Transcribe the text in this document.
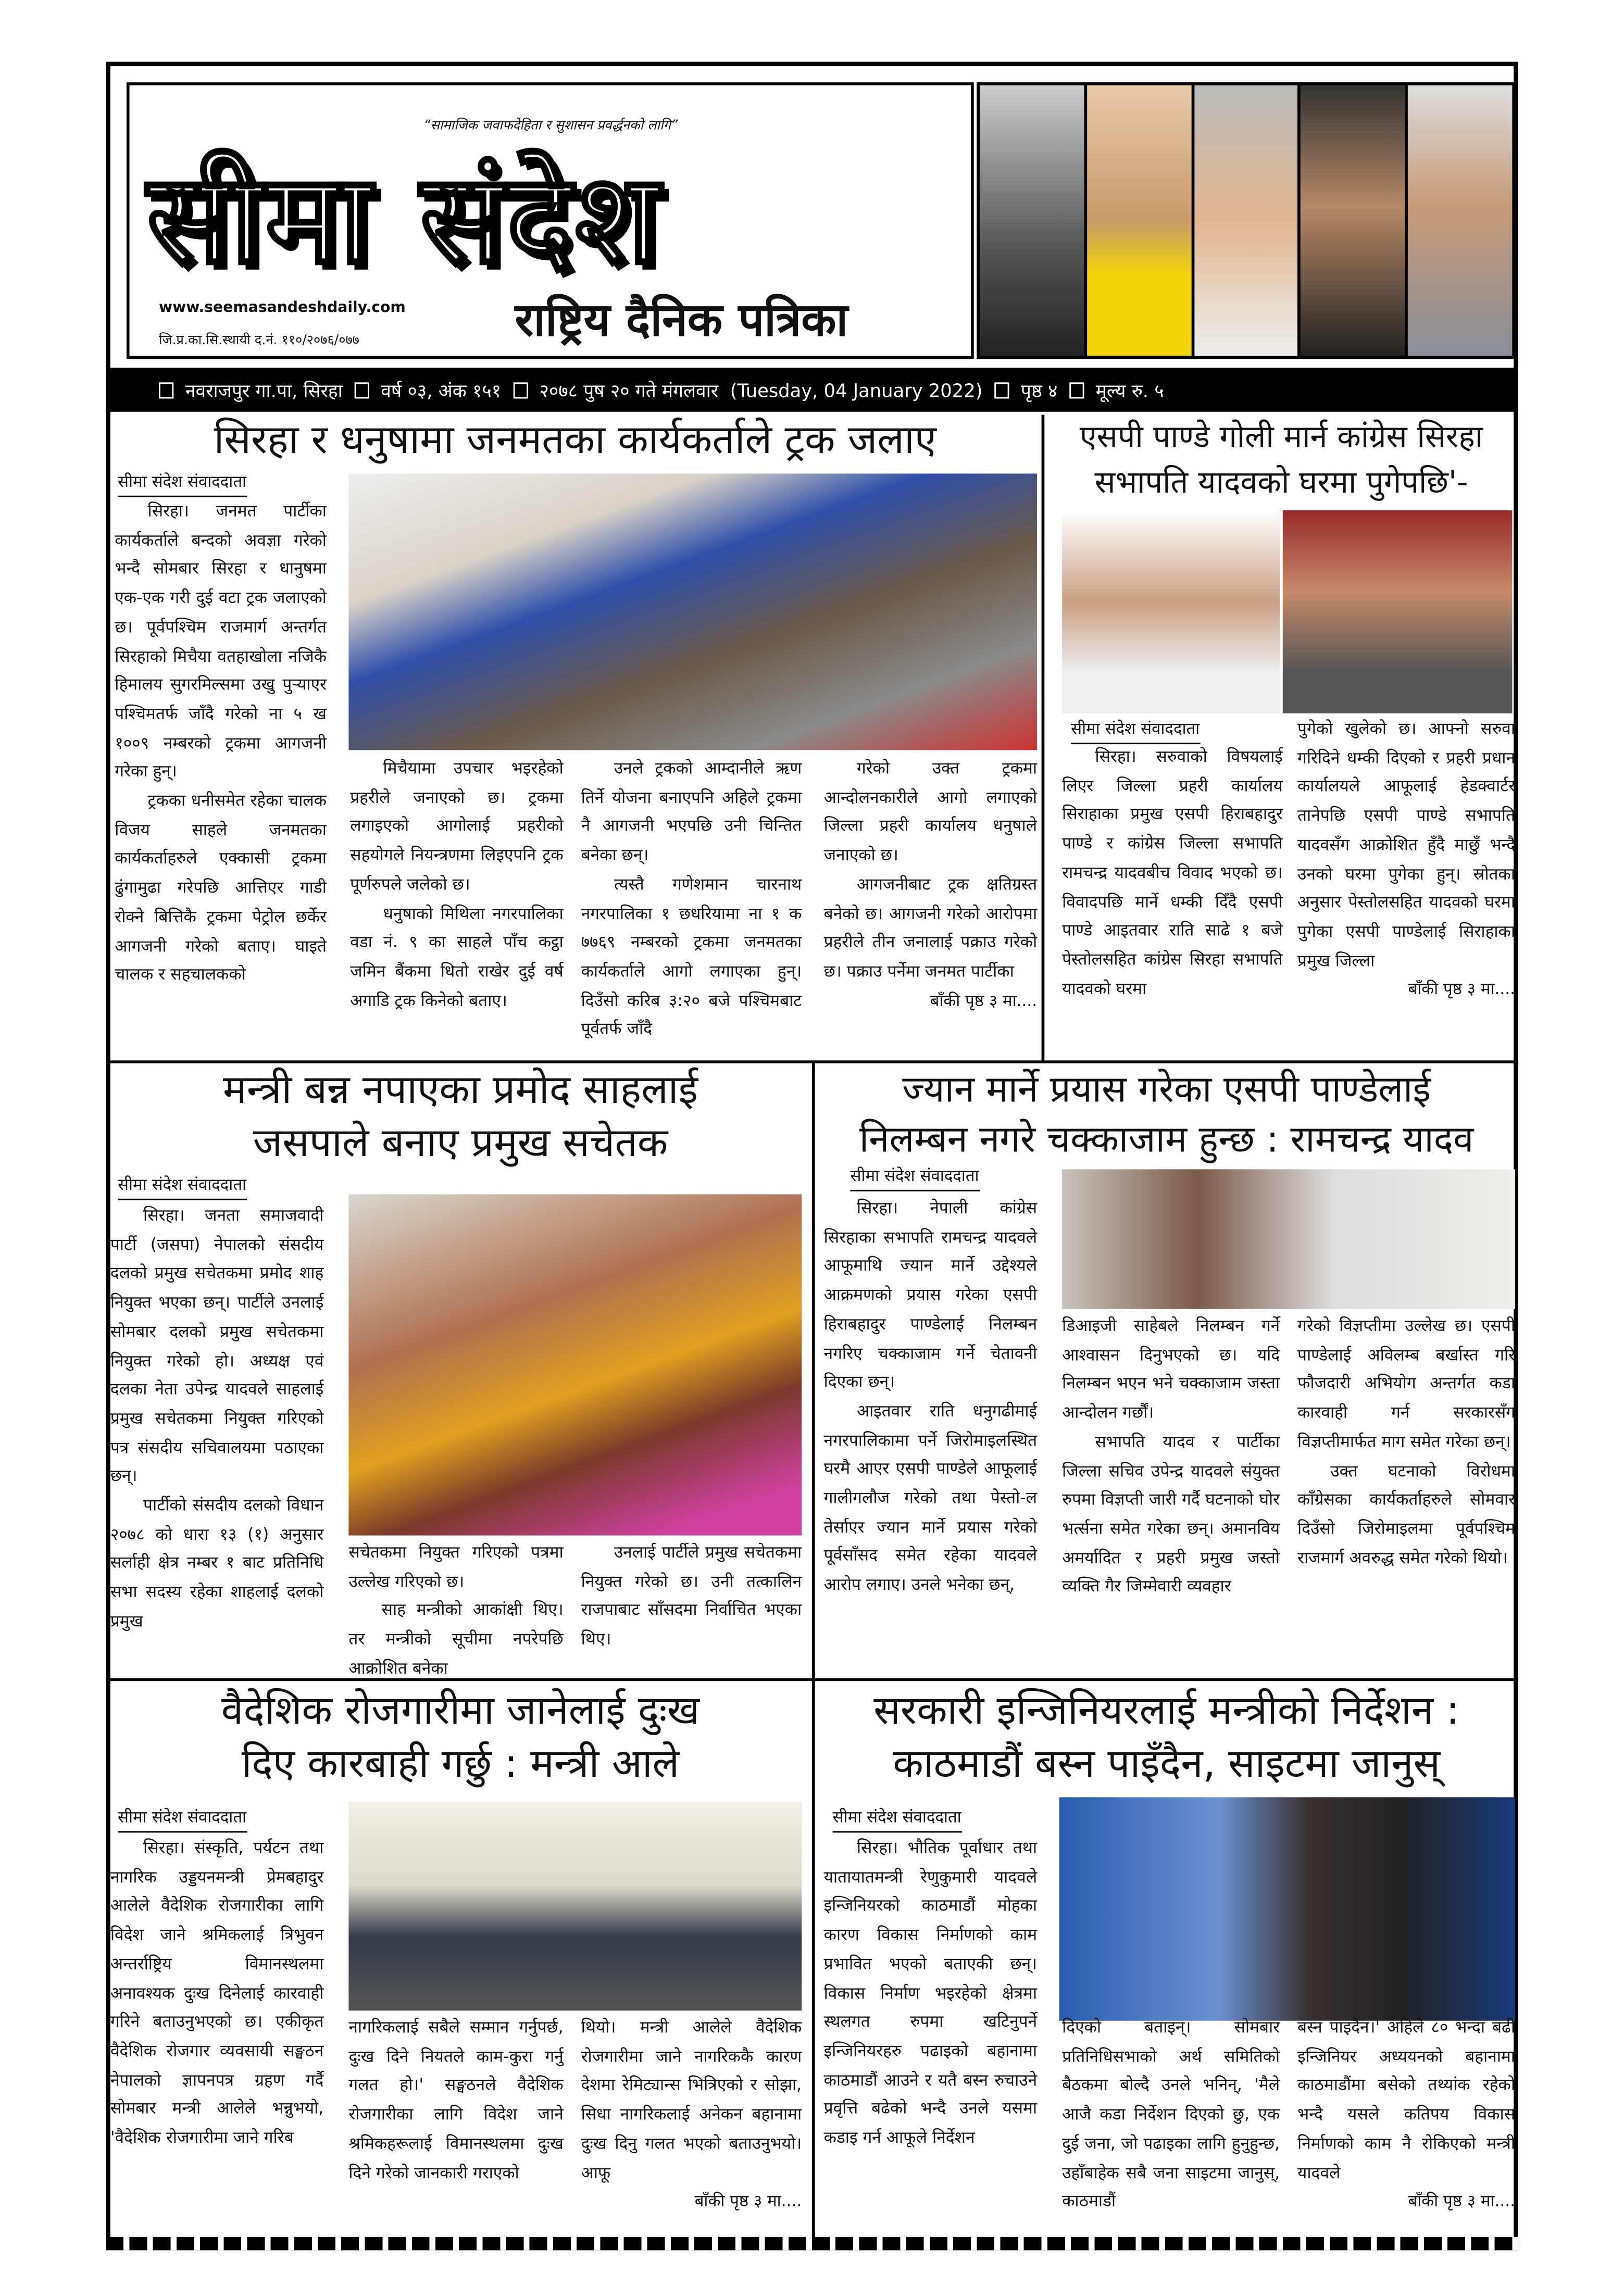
“सामाजिक जवाफदेहिता र सुशासन प्रवर्द्धनको लागि”
सीमा संदेश
www.seemasandeshdaily.com
जि.प्र.का.सि.स्थायी द.नं. ११०/२०७६/०७७	राष्ट्रिय दैनिक पत्रिका
नवराजपुर गा.पा, सिरहा	वर्ष ०३, अंक १५१	२०७८ पुष २० गते मंगलवार (Tuesday, 04 January 2022)	पृष्ठ ४	मूल्य रु. ५
सिरहा र धनुषामा जनमतका कार्यकर्ताले ट्रक जलाए
सीमा संदेश संवाददाता

सिरहा। जनमत पार्टीका कार्यकर्ताले बन्दको अवज्ञा गरेको भन्दै सोमबार सिरहा र धानुषमा एक-एक गरी दुई वटा ट्रक जलाएको छ। पूर्वपश्चिम राजमार्ग अन्तर्गत सिरहाको मिचैया वतहाखोला नजिकै हिमालय सुगरमिल्समा उखु पुऱ्याएर पश्चिमतर्फ जाँदै गरेको ना ५ ख १००९ नम्बरको ट्रकमा आगजनी गरेका हुन्।

ट्रकका धनीसमेत रहेका चालक विजय साहले जनमतका कार्यकर्ताहरुले एक्कासी ट्रकमा ढुंगामुढा गरेपछि आत्तिएर गाडी रोक्ने बित्तिकै ट्रकमा पेट्रोल छर्केर आगजनी गरेको बताए। घाइते चालक र सहचालकको

मिचैयामा उपचार भइरहेको प्रहरीले जनाएको छ। ट्रकमा लगाइएको आगोलाई प्रहरीको सहयोगले नियन्त्रणमा लिइएपनि ट्रक पूर्णरुपले जलेको छ।

धनुषाको मिथिला नगरपालिका वडा नं. ९ का साहले पाँच कट्ठा जमिन बैंकमा धितो राखेर दुई वर्ष अगाडि ट्रक किनेको बताए।

उनले ट्रकको आम्दानीले ऋण तिर्ने योजना बनाएपनि अहिले ट्रकमा नै आगजनी भएपछि उनी चिन्तित बनेका छन्।

त्यस्तै गणेशमान चारनाथ नगरपालिका १ छधरियामा ना १ क ७७६९ नम्बरको ट्रकमा जनमतका कार्यकर्ताले आगो लगाएका हुन्। दिउँसो करिब ३:२० बजे पश्चिमबाट पूर्वतर्फ जाँदै

गरेको उक्त ट्रकमा आन्दोलनकारीले आगो लगाएको जिल्ला प्रहरी कार्यालय धनुषाले जनाएको छ।

आगजनीबाट ट्रक क्षतिग्रस्त बनेको छ। आगजनी गरेको आरोपमा प्रहरीले तीन जनालाई पक्राउ गरेको छ। पक्राउ पर्नेमा जनमत पार्टीका

बाँकी पृष्ठ ३ मा....
एसपी पाण्डे गोली मार्न कांग्रेस सिरहा
सभापति यादवको घरमा पुगेपछि'-
सीमा संदेश संवाददाता

सिरहा। सरुवाको विषयलाई लिएर जिल्ला प्रहरी कार्यालय सिराहाका प्रमुख एसपी हिराबहादुर पाण्डे र कांग्रेस जिल्ला सभापति रामचन्द्र यादवबीच विवाद भएको छ। विवादपछि मार्ने धम्की दिँदै एसपी पाण्डे आइतवार राति साढे १ बजे पेस्तोलसहित कांग्रेस सिरहा सभापति यादवको घरमा

पुगेको खुलेको छ। आफ्नो सरुवा गरिदिने धम्की दिएको र प्रहरी प्रधान कार्यालयले आफूलाई हेडक्वार्टर तानेपछि एसपी पाण्डे सभापति यादवसँग आक्रोशित हुँदै माछुँ भन्दै उनको घरमा पुगेका हुन्। स्रोतका अनुसार पेस्तोलसहित यादवको घरमा पुगेका एसपी पाण्डेलाई सिराहाका प्रमुख जिल्ला

बाँकी पृष्ठ ३ मा....
मन्त्री बन्न नपाएका प्रमोद साहलाई
जसपाले बनाए प्रमुख सचेतक
सीमा संदेश संवाददाता

सिरहा। जनता समाजवादी पार्टी (जसपा) नेपालको संसदीय दलको प्रमुख सचेतकमा प्रमोद शाह नियुक्त भएका छन्। पार्टीले उनलाई सोमबार दलको प्रमुख सचेतकमा नियुक्त गरेको हो। अध्यक्ष एवं दलका नेता उपेन्द्र यादवले साहलाई प्रमुख सचेतकमा नियुक्त गरिएको पत्र संसदीय सचिवालयमा पठाएका छन्।

पार्टीको संसदीय दलको विधान २०७८ को धारा १३ (१) अनुसार सर्लाही क्षेत्र नम्बर १ बाट प्रतिनिधि सभा सदस्य रहेका शाहलाई दलको प्रमुख

सचेतकमा नियुक्त गरिएको पत्रमा उल्लेख गरिएको छ।

साह मन्त्रीको आकांक्षी थिए। तर मन्त्रीको सूचीमा नपरेपछि आक्रोशित बनेका

उनलाई पार्टीले प्रमुख सचेतकमा नियुक्त गरेको छ। उनी तत्कालिन राजपाबाट साँसदमा निर्वाचित भएका थिए।

ज्यान मार्ने प्रयास गरेका एसपी पाण्डेलाई
निलम्बन नगरे चक्काजाम हुन्छ : रामचन्द्र यादव
सीमा संदेश संवाददाता

सिरहा। नेपाली कांग्रेस सिरहाका सभापति रामचन्द्र यादवले आफूमाथि ज्यान मार्ने उद्देश्यले आक्रमणको प्रयास गरेका एसपी हिराबहादुर पाण्डेलाई निलम्बन नगरिए चक्काजाम गर्ने चेतावनी दिएका छन्।

आइतवार राति धनुगढीमाई नगरपालिकामा पर्ने जिरोमाइलस्थित घरमै आएर एसपी पाण्डेले आफूलाई गालीगलौज गरेको तथा पेस्तो-ल तेर्साएर ज्यान मार्ने प्रयास गरेको पूर्वसाँसद समेत रहेका यादवले आरोप लगाए। उनले भनेका छन्,

डिआइजी साहेबले निलम्बन गर्ने आश्वासन दिनुभएको छ। यदि निलम्बन भएन भने चक्काजाम जस्ता आन्दोलन गर्छौं।

सभापति यादव र पार्टीका जिल्ला सचिव उपेन्द्र यादवले संयुक्त रुपमा विज्ञप्ती जारी गर्दै घटनाको घोर भर्त्सना समेत गरेका छन्। अमानविय अमर्यादित र प्रहरी प्रमुख जस्तो व्यक्ति गैर जिम्मेवारी व्यवहार

गरेको विज्ञप्तीमा उल्लेख छ। एसपी पाण्डेलाई अविलम्ब बर्खास्त गरि फौजदारी अभियोग अन्तर्गत कडा कारवाही गर्न सरकारसँग विज्ञप्तीमार्फत माग समेत गरेका छन्।

उक्त घटनाको विरोधमा काँग्रेसका कार्यकर्ताहरुले सोमवार दिउँसो जिरोमाइलमा पूर्वपश्चिम राजमार्ग अवरुद्ध समेत गरेको थियो।

वैदेशिक रोजगारीमा जानेलाई दुःख
दिए कारबाही गर्छु : मन्त्री आले
सीमा संदेश संवाददाता

सिरहा। संस्कृति, पर्यटन तथा नागरिक उड्डयनमन्त्री प्रेमबहादुर आलेले वैदेशिक रोजगारीका लागि विदेश जाने श्रमिकलाई त्रिभुवन अन्तर्राष्ट्रिय विमानस्थलमा अनावश्यक दुःख दिनेलाई कारवाही गरिने बताउनुभएको छ। एकीकृत वैदेशिक रोजगार व्यवसायी सङ्घठन नेपालको ज्ञापनपत्र ग्रहण गर्दै सोमबार मन्त्री आलेले भन्नुभयो, 'वैदेशिक रोजगारीमा जाने गरिब

नागरिकलाई सबैले सम्मान गर्नुपर्छ, दुःख दिने नियतले काम-कुरा गर्नु गलत हो।' सङ्घठनले वैदेशिक रोजगारीका लागि विदेश जाने श्रमिकहरूलाई विमानस्थलमा दुःख दिने गरेको जानकारी गराएको

थियो। मन्त्री आलेले वैदेशिक रोजगारीमा जाने नागरिककै कारण देशमा रेमिट्यान्स भित्रिएको र सोझा, सिधा नागरिकलाई अनेकन बहानामा दुःख दिनु गलत भएको बताउनुभयो। आफू

बाँकी पृष्ठ ३ मा....
सरकारी इन्जिनियरलाई मन्त्रीको निर्देशन :
काठमाडौं बस्न पाइँदैन, साइटमा जानुस्
सीमा संदेश संवाददाता

सिरहा। भौतिक पूर्वाधार तथा यातायातमन्त्री रेणुकुमारी यादवले इन्जिनियरको काठमाडौं मोहका कारण विकास निर्माणको काम प्रभावित भएको बताएकी छन्। विकास निर्माण भइरहेको क्षेत्रमा स्थलगत रुपमा खटिनुपर्ने इन्जिनियरहरु पढाइको बहानामा काठमाडौं आउने र यतै बस्न रुचाउने प्रवृत्ति बढेको भन्दै उनले यसमा कडाइ गर्न आफूले निर्देशन

दिएको बताइन्। सोमबार प्रतिनिधिसभाको अर्थ समितिको बैठकमा बोल्दै उनले भनिन्, 'मैले आजै कडा निर्देशन दिएको छु, एक दुई जना, जो पढाइका लागि हुनुहुन्छ, उहाँबाहेक सबै जना साइटमा जानुस्, काठमाडौं

बस्न पाइदैन।' अहिले ८० भन्दा बढी इन्जिनियर अध्ययनको बहानामा काठमाडौंमा बसेको तथ्यांक रहेको भन्दै यसले कतिपय विकास निर्माणको काम नै रोकिएको मन्त्री यादवले

बाँकी पृष्ठ ३ मा....
